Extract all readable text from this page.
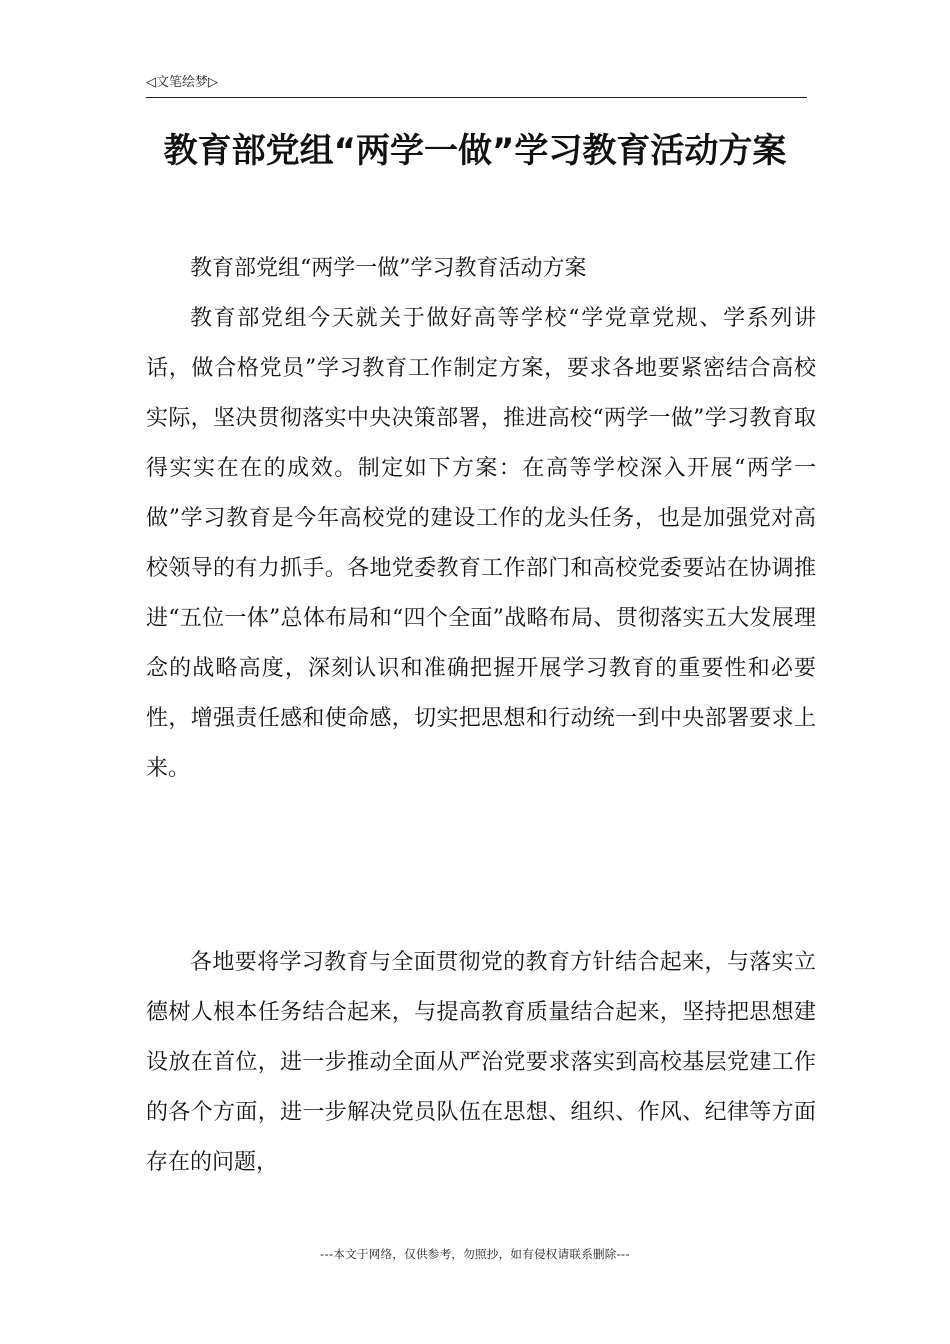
◁文笔绘梦▷
教育部党组“两学一做”学习教育活动方案

教育部党组“两学一做”学习教育活动方案

教育部党组今天就关于做好高等学校“学党章党规、学系列讲话，做合格党员”学习教育工作制定方案，要求各地要紧密结合高校实际，坚决贯彻落实中央决策部署，推进高校“两学一做”学习教育取得实实在在的成效。制定如下方案：在高等学校深入开展“两学一做”学习教育是今年高校党的建设工作的龙头任务，也是加强党对高校领导的有力抓手。各地党委教育工作部门和高校党委要站在协调推进“五位一体”总体布局和“四个全面”战略布局、贯彻落实五大发展理念的战略高度，深刻认识和准确把握开展学习教育的重要性和必要性，增强责任感和使命感，切实把思想和行动统一到中央部署要求上来。

各地要将学习教育与全面贯彻党的教育方针结合起来，与落实立德树人根本任务结合起来，与提高教育质量结合起来，坚持把思想建设放在首位，进一步推动全面从严治党要求落实到高校基层党建工作的各个方面，进一步解决党员队伍在思想、组织、作风、纪律等方面存在的问题，

---本文于网络，仅供参考，勿照抄，如有侵权请联系删除---
